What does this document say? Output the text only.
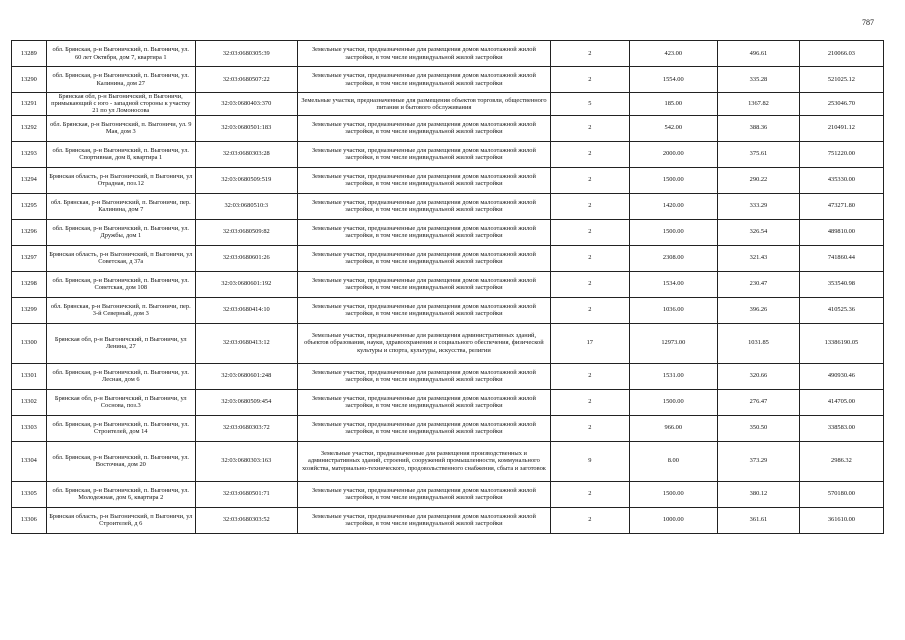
787
13289	обл. Брянская, р-н Выгоничский, п. Выгоничи, ул. 60 лет Октября, дом 7, квартира 1	32:03:0680305:39	Земельные участки, предназначенные для размещения домов малоэтажной жилой застройки, в том числе индивидуальной жилой застройки	2	423.00	496.61	210066.03
13290	обл. Брянская, р-н Выгоничский, п. Выгоничи, ул. Калинина, дом 27	32:03:0680507:22	Земельные участки, предназначенные для размещения домов малоэтажной жилой застройки, в том числе индивидуальной жилой застройки	2	1554.00	335.28	521025.12
13291	Брянская обл, р-н Выгоничский, п Выгоничи, примыкающий с юго - западной стороны к участку 21 по ул Ломоносова	32:03:0680403:370	Земельные участки, предназначенные для размещения объектов торговли, общественного питания и бытового обслуживания	5	185.00	1367.82	253046.70
13292	обл. Брянская, р-н Выгоничский, п. Выгоничи, ул. 9 Мая, дом 3	32:03:0680501:183	Земельные участки, предназначенные для размещения домов малоэтажной жилой застройки, в том числе индивидуальной жилой застройки	2	542.00	388.36	210491.12
13293	обл. Брянская, р-н Выгоничский, п. Выгоничи, ул. Спортивная, дом 8, квартира 1	32:03:0680303:28	Земельные участки, предназначенные для размещения домов малоэтажной жилой застройки, в том числе индивидуальной жилой застройки	2	2000.00	375.61	751220.00
13294	Брянская область, р-н Выгоничский, п Выгоничи, ул Отрадная, поз.12	32:03:0680509:519	Земельные участки, предназначенные для размещения домов малоэтажной жилой застройки, в том числе индивидуальной жилой застройки	2	1500.00	290.22	435330.00
13295	обл. Брянская, р-н Выгоничский, п. Выгоничи, пер. Калинина, дом 7	32:03:0680510:3	Земельные участки, предназначенные для размещения домов малоэтажной жилой застройки, в том числе индивидуальной жилой застройки	2	1420.00	333.29	473271.80
13296	обл. Брянская, р-н Выгоничский, п. Выгоничи, ул. Дружбы, дом 1	32:03:0680509:82	Земельные участки, предназначенные для размещения домов малоэтажной жилой застройки, в том числе индивидуальной жилой застройки	2	1500.00	326.54	489810.00
13297	Брянская область, р-н Выгоничский, п Выгоничи, ул Советская, д 37а	32:03:0680601:26	Земельные участки, предназначенные для размещения домов малоэтажной жилой застройки, в том числе индивидуальной жилой застройки	2	2308.00	321.43	741860.44
13298	обл. Брянская, р-н Выгоничский, п. Выгоничи, ул. Советская, дом 108	32:03:0680601:192	Земельные участки, предназначенные для размещения домов малоэтажной жилой застройки, в том числе индивидуальной жилой застройки	2	1534.00	230.47	353540.98
13299	обл. Брянская, р-н Выгоничский, п. Выгоничи, пер. 3-й Северный, дом 3	32:03:0680414:10	Земельные участки, предназначенные для размещения домов малоэтажной жилой застройки, в том числе индивидуальной жилой застройки	2	1036.00	396.26	410525.36
13300	Брянская обл, р-н Выгоничский, п Выгоничи, ул Ленина, 27	32:03:0680413:12	Земельные участки, предназначенные для размещения административных зданий, объектов образования, науки, здравоохранения и социального обеспечения, физической культуры и спорта, культуры, искусства, религии	17	12973.00	1031.85	13386190.05
13301	обл. Брянская, р-н Выгоничский, п. Выгоничи, ул. Лесная, дом 6	32:03:0680601:248	Земельные участки, предназначенные для размещения домов малоэтажной жилой застройки, в том числе индивидуальной жилой застройки	2	1531.00	320.66	490930.46
13302	Брянская обл, р-н Выгоничский, п Выгоничи, ул Соснова, поз.3	32:03:0680509:454	Земельные участки, предназначенные для размещения домов малоэтажной жилой застройки, в том числе индивидуальной жилой застройки	2	1500.00	276.47	414705.00
13303	обл. Брянская, р-н Выгоничский, п. Выгоничи, ул. Строителей, дом 14	32:03:0680303:72	Земельные участки, предназначенные для размещения домов малоэтажной жилой застройки, в том числе индивидуальной жилой застройки	2	966.00	350.50	338583.00
13304	обл. Брянская, р-н Выгоничский, п. Выгоничи, ул. Восточная, дом 20	32:03:0680303:163	Земельные участки, предназначенные для размещения производственных и административных зданий, строений, сооружений промышленности, коммунального хозяйства, материально-технического, продовольственного снабжения, сбыта и заготовок	9	8.00	373.29	2986.32
13305	обл. Брянская, р-н Выгоничский, п. Выгоничи, ул. Молодежная, дом 6, квартира 2	32:03:0680501:71	Земельные участки, предназначенные для размещения домов малоэтажной жилой застройки, в том числе индивидуальной жилой застройки	2	1500.00	380.12	570180.00
13306	Брянская область, р-н Выгоничский, п Выгоничи, ул Строителей, д 6	32:03:0680303:52	Земельные участки, предназначенные для размещения домов малоэтажной жилой застройки, в том числе индивидуальной жилой застройки	2	1000.00	361.61	361610.00
